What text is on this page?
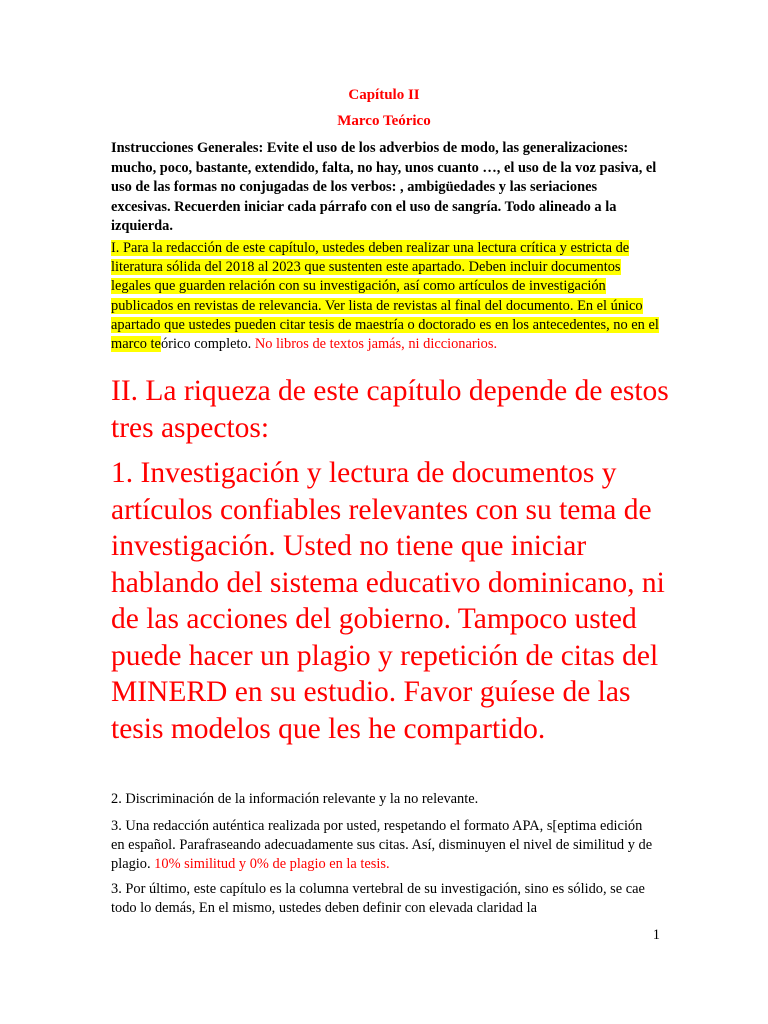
Capítulo II

Marco Teórico

Instrucciones Generales: Evite el uso de los adverbios de modo, las generalizaciones: mucho, poco, bastante, extendido, falta, no hay, unos cuanto …, el uso de la voz pasiva, el uso de las formas no conjugadas de los verbos: , ambigüedades y las seriaciones excesivas. Recuerden iniciar cada párrafo con el uso de sangría. Todo alineado a la izquierda.

I. Para la redacción de este capítulo, ustedes deben realizar una lectura crítica y estricta de literatura sólida del 2018 al 2023 que sustenten este apartado. Deben incluir documentos legales que guarden relación con su investigación, así como artículos de investigación publicados en revistas de relevancia. Ver lista de revistas al final del documento. En el único apartado que ustedes pueden citar tesis de maestría o doctorado es en los antecedentes, no en el marco teórico completo. No libros de textos jamás, ni diccionarios.

II. La riqueza de este capítulo depende de estos tres aspectos:

1. Investigación y lectura de documentos y artículos confiables relevantes con su tema de investigación. Usted no tiene que iniciar hablando del sistema educativo dominicano, ni de las acciones del gobierno. Tampoco usted puede hacer un plagio y repetición de citas del MINERD en su estudio. Favor guíese de las tesis modelos que les he compartido.

2. Discriminación de la información relevante y la no relevante.

3. Una redacción auténtica realizada por usted, respetando el formato APA, s[eptima edición en español. Parafraseando adecuadamente sus citas. Así, disminuyen el nivel de similitud y de plagio. 10% similitud y 0% de plagio en la tesis.

3. Por último, este capítulo es la columna vertebral de su investigación, sino es sólido, se cae todo lo demás, En el mismo, ustedes deben definir con elevada claridad la

1
